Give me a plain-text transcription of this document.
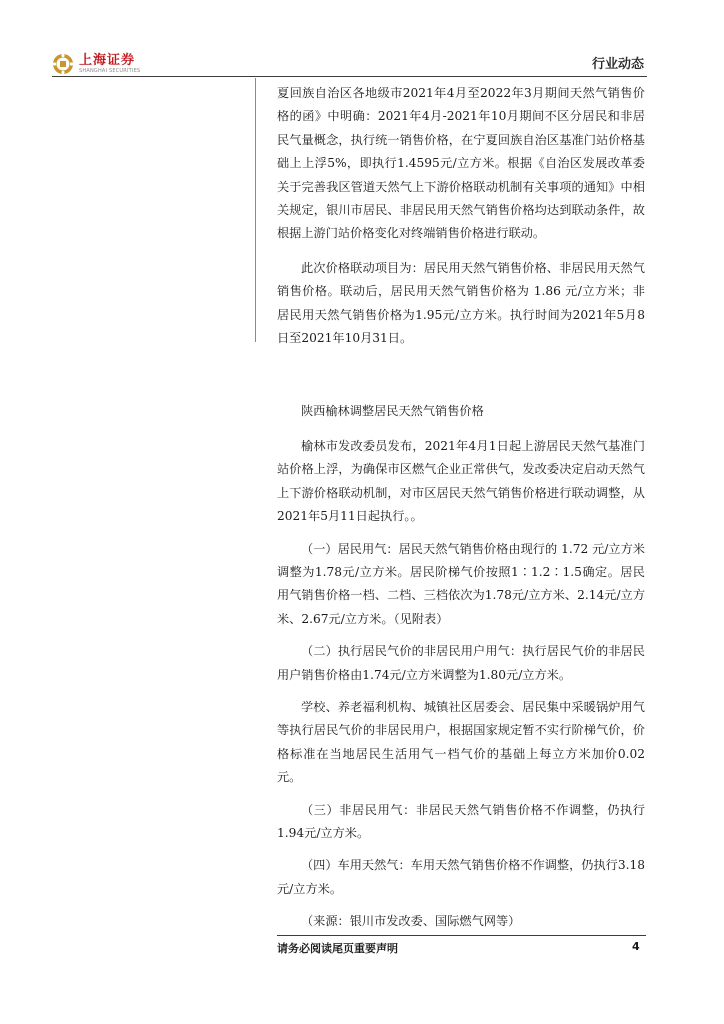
上海证券
SHANGHAI SECURITIES	行业动态

夏回族自治区各地级市2021年4月至2022年3月期间天然气销售价格的函》中明确：2021年4月-2021年10月期间不区分居民和非居民气量概念，执行统一销售价格，在宁夏回族自治区基准门站价格基础上上浮5%，即执行1.4595元/立方米。根据《自治区发展改革委关于完善我区管道天然气上下游价格联动机制有关事项的通知》中相关规定，银川市居民、非居民用天然气销售价格均达到联动条件，故根据上游门站价格变化对终端销售价格进行联动。

此次价格联动项目为：居民用天然气销售价格、非居民用天然气销售价格。联动后，居民用天然气销售价格为 1.86 元/立方米；非居民用天然气销售价格为1.95元/立方米。执行时间为2021年5月8日至2021年10月31日。

陕西榆林调整居民天然气销售价格

榆林市发改委员发布，2021年4月1日起上游居民天然气基准门站价格上浮，为确保市区燃气企业正常供气，发改委决定启动天然气上下游价格联动机制，对市区居民天然气销售价格进行联动调整，从2021年5月11日起执行。。

（一）居民用气：居民天然气销售价格由现行的 1.72 元/立方米调整为1.78元/立方米。居民阶梯气价按照1∶1.2∶1.5确定。居民用气销售价格一档、二档、三档依次为1.78元/立方米、2.14元/立方米、2.67元/立方米。（见附表）

（二）执行居民气价的非居民用户用气：执行居民气价的非居民用户销售价格由1.74元/立方米调整为1.80元/立方米。

学校、养老福利机构、城镇社区居委会、居民集中采暖锅炉用气等执行居民气价的非居民用户，根据国家规定暂不实行阶梯气价，价格标准在当地居民生活用气一档气价的基础上每立方米加价0.02元。

（三）非居民用气：非居民天然气销售价格不作调整，仍执行1.94元/立方米。

（四）车用天然气：车用天然气销售价格不作调整，仍执行3.18元/立方米。

（来源：银川市发改委、国际燃气网等）

请务必阅读尾页重要声明	4
